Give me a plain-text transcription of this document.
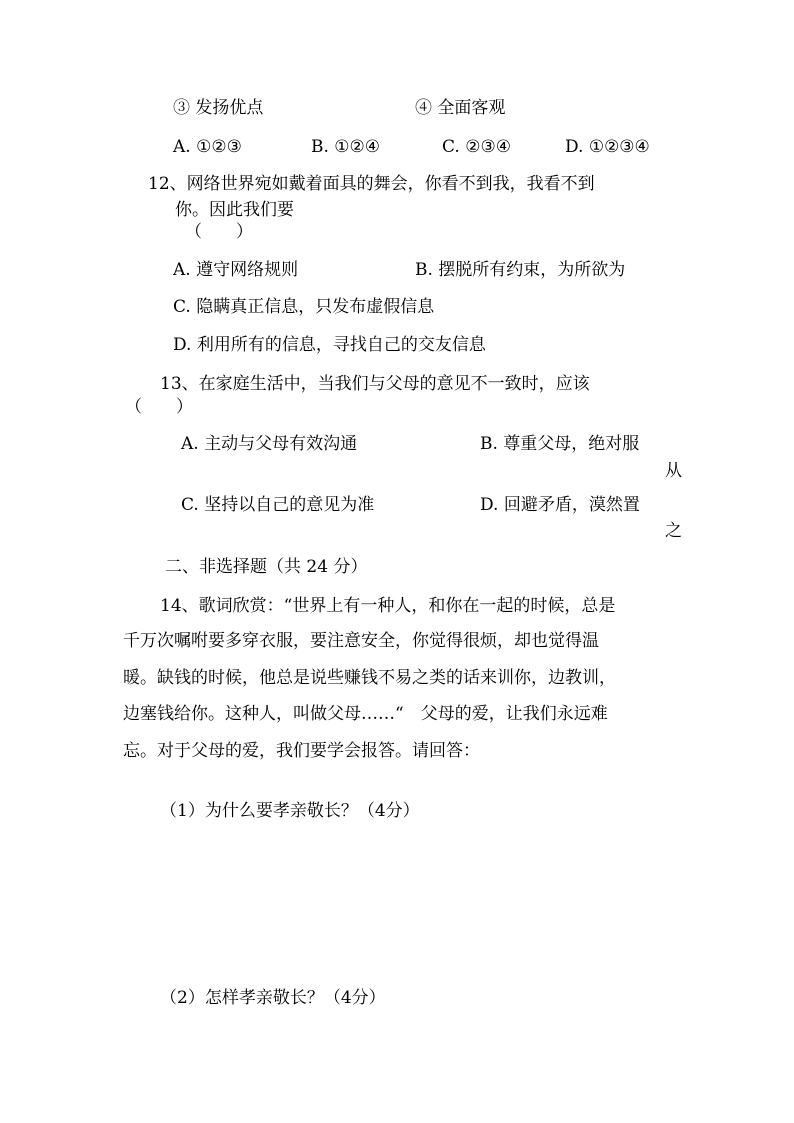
③ 发扬优点	④ 全面客观
A. ①②③	B. ①②④	C. ②③④	D. ①②③④
12、网络世界宛如戴着面具的舞会，你看不到我，我看不到
你。因此我们要
（　　）
A. 遵守网络规则	B. 摆脱所有约束，为所欲为
C. 隐瞒真正信息，只发布虚假信息
D. 利用所有的信息，寻找自己的交友信息
13、在家庭生活中，当我们与父母的意见不一致时，应该
（　　）
A. 主动与父母有效沟通	B. 尊重父母，绝对服
从
C. 坚持以自己的意见为准	D. 回避矛盾，漠然置
之
二、非选择题（共 24 分）
14、歌词欣赏：“世界上有一种人，和你在一起的时候，总是
千万次嘱咐要多穿衣服，要注意安全，你觉得很烦，却也觉得温
暖。缺钱的时候，他总是说些赚钱不易之类的话来训你，边教训，
边塞钱给你。这种人，叫做父母……“　父母的爱，让我们永远难
忘。对于父母的爱，我们要学会报答。请回答：
（1）为什么要孝亲敬长？（4分）
（2）怎样孝亲敬长？（4分）
